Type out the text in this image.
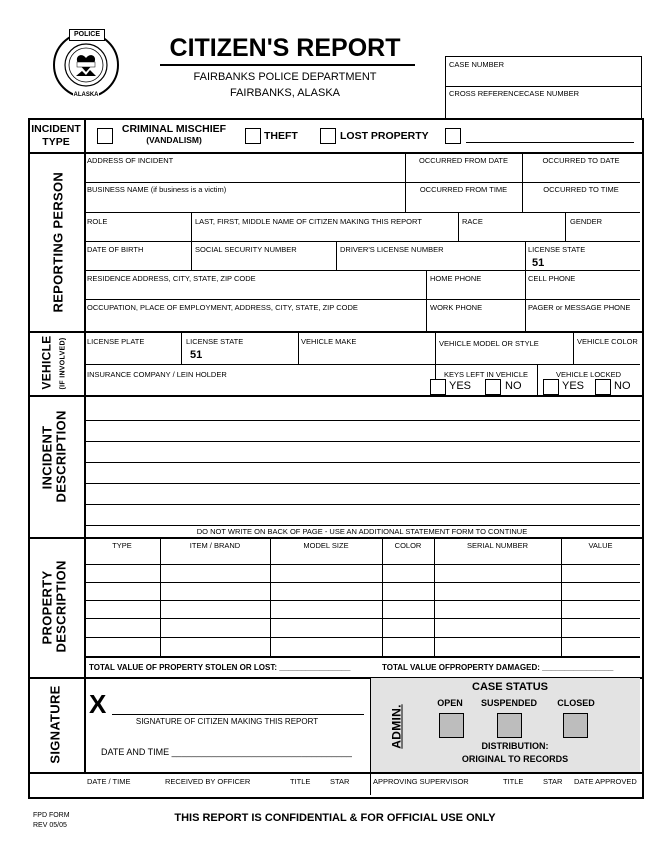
POLICE
ALASKA
CITIZEN'S REPORT
FAIRBANKS POLICE DEPARTMENT
FAIRBANKS, ALASKA
CASE NUMBER
CROSS REFERENCECASE NUMBER
INCIDENT
TYPE
CRIMINAL MISCHIEF
(VANDALISM)	THEFT	LOST PROPERTY
REPORTING PERSON
ADDRESS OF INCIDENT	OCCURRED FROM DATE	OCCURRED TO DATE
BUSINESS NAME (if business is a victim)	OCCURRED FROM TIME	OCCURRED TO TIME
ROLE	LAST, FIRST, MIDDLE NAME OF CITIZEN MAKING THIS REPORT	RACE	GENDER
DATE OF BIRTH	SOCIAL SECURITY NUMBER	DRIVER'S LICENSE NUMBER	LICENSE STATE
51
RESIDENCE ADDRESS, CITY, STATE, ZIP CODE	HOME PHONE	CELL PHONE
OCCUPATION, PLACE OF EMPLOYMENT, ADDRESS, CITY, STATE, ZIP CODE	WORK PHONE	PAGER or MESSAGE PHONE
VEHICLE (IF INVOLVED)	LICENSE PLATE	LICENSE STATE
51
VEHICLE MAKE	VEHICLE MODEL OR STYLE	VEHICLE COLOR
INSURANCE COMPANY / LEIN HOLDER	KEYS LEFT IN VEHICLE
YES	NO
VEHICLE LOCKED
YES	NO
INCIDENT DESCRIPTION
DO NOT WRITE ON BACK OF PAGE - USE AN ADDITIONAL STATEMENT FORM TO CONTINUE
PROPERTY DESCRIPTION
TYPE	ITEM / BRAND	MODEL SIZE	COLOR	SERIAL NUMBER	VALUE
TOTAL VALUE OF PROPERTY STOLEN OR LOST: ________________	TOTAL VALUE OFPROPERTY DAMAGED: ________________
SIGNATURE X
SIGNATURE OF CITIZEN MAKING THIS REPORT
DATE AND TIME ____________________________________
ADMIN.
CASE STATUS
OPEN	SUSPENDED	CLOSED
DISTRIBUTION:
ORIGINAL TO RECORDS
DATE / TIME	RECEIVED BY OFFICER	TITLE	STAR	APPROVING SUPERVISOR	TITLE	STAR DATE APPROVED
FPD FORM
REV 05/05
THIS REPORT IS CONFIDENTIAL & FOR OFFICIAL USE ONLY
